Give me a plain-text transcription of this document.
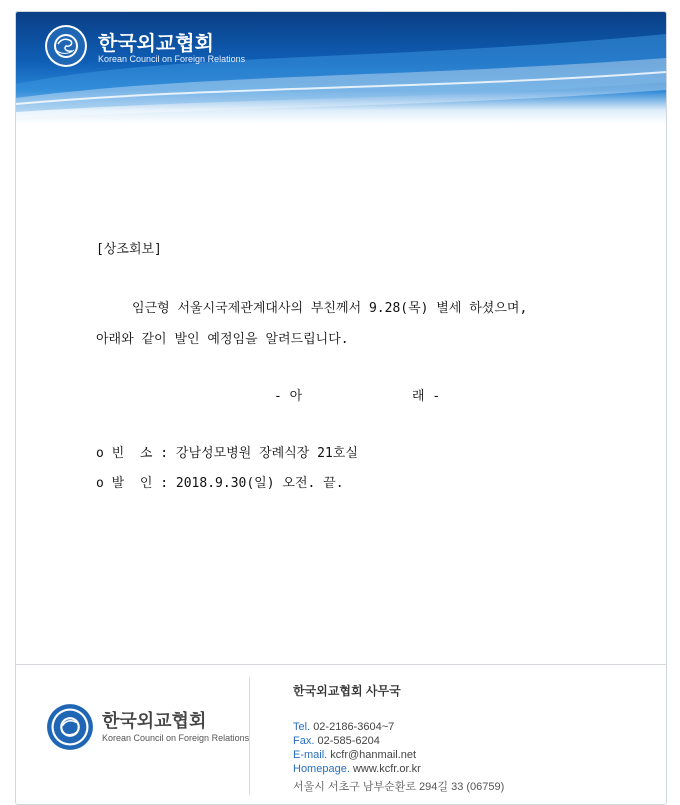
한국외교협회
Korean Council on Foreign Relations
[상조회보]
임근형 서울시국제관계대사의 부친께서 9.28(목) 별세 하셨으며,
아래와 같이 발인 예정임을 알려드립니다.
- 아	래 -
o 빈  소 : 강남성모병원 장례식장 21호실
o 발  인 : 2018.9.30(일) 오전. 끝.
한국외교협회
Korean Council on Foreign Relations
한국외교협회 사무국
Tel. 02-2186-3604~7
Fax. 02-585-6204
E-mail. kcfr@hanmail.net
Homepage. www.kcfr.or.kr
서울시 서초구 남부순환로 294길 33 (06759)
